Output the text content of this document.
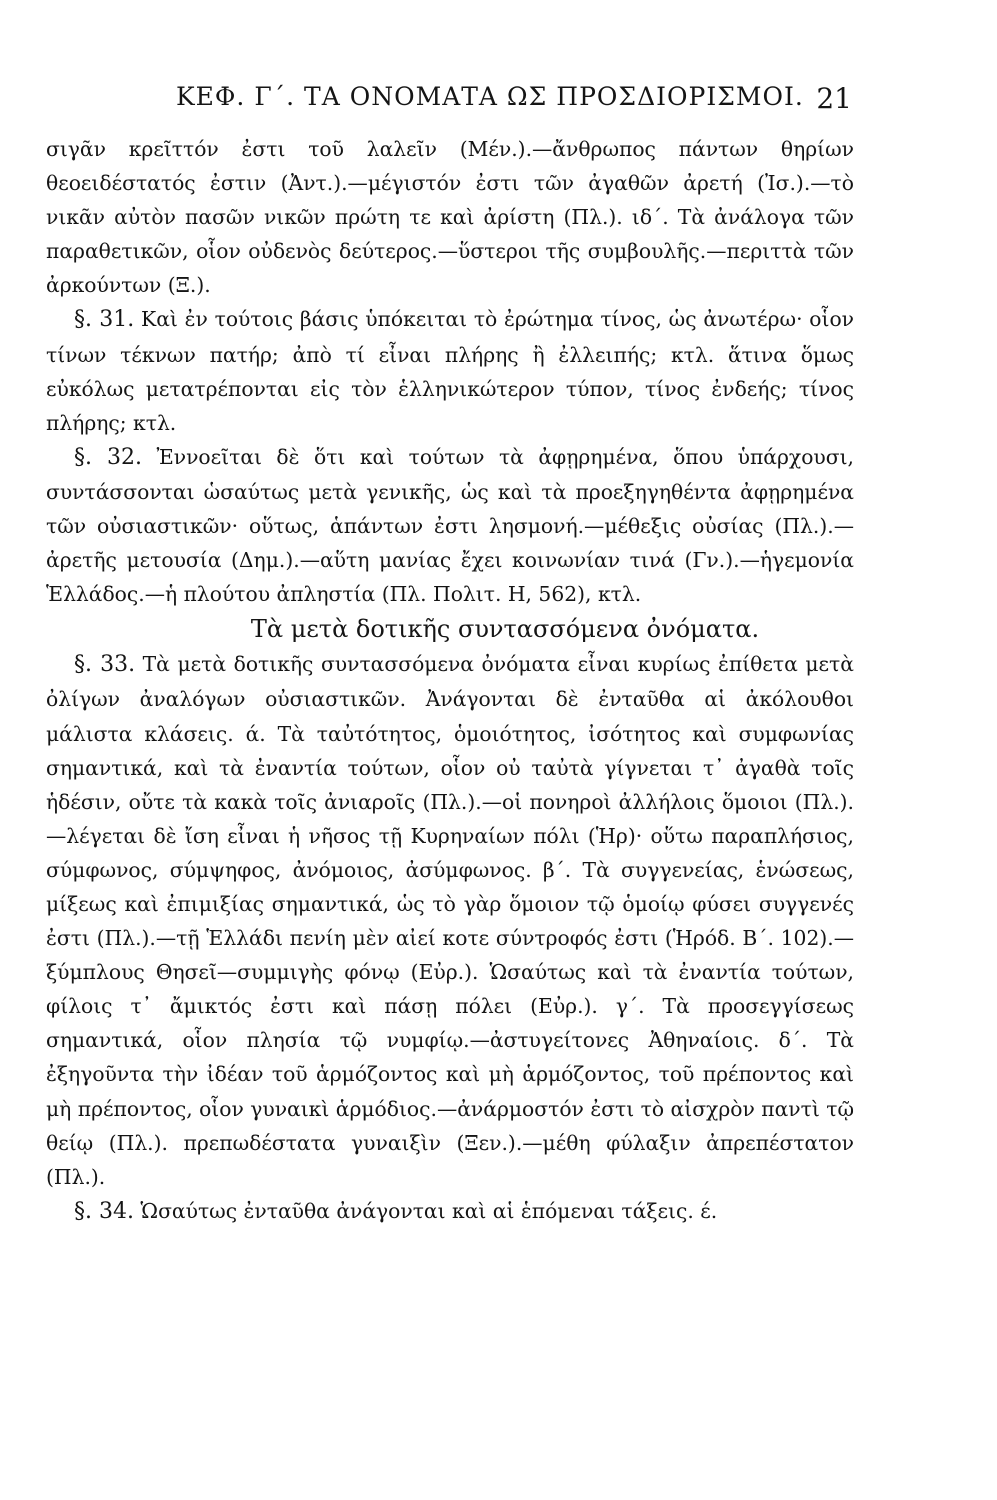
ΚΕΦ. Γ΄. ΤΑ ΟΝΟΜΑΤΑ ΩΣ ΠΡΟΣΔΙΟΡΙΣΜΟΙ. 21

σιγᾶν κρεῖττόν ἐστι τοῦ λαλεῖν (Μέν.).—ἄνθρωπος πάντων θηρίων θεοειδέστατός ἐστιν (Ἀντ.).—μέγιστόν ἐστι τῶν ἀγαθῶν ἀρετή (Ἰσ.).—τὸ νικᾶν αὐτὸν πασῶν νικῶν πρώτη τε καὶ ἀρίστη (Πλ.). ιδ΄. Τὰ ἀνάλογα τῶν παραθετικῶν, οἷον οὐδενὸς δεύτερος.—ὕστεροι τῆς συμβουλῆς.—περιττὰ τῶν ἀρκούντων (Ξ.).

§. 31. Καὶ ἐν τούτοις βάσις ὑπόκειται τὸ ἐρώτημα τίνος, ὡς ἀνωτέρω· οἷον τίνων τέκνων πατήρ; ἀπὸ τί εἶναι πλήρης ἢ ἐλλειπής; κτλ. ἅτινα ὅμως εὐκόλως μετατρέπονται εἰς τὸν ἑλληνικώτερον τύπον, τίνος ἐνδεής; τίνος πλήρης; κτλ.

§. 32. Ἐννοεῖται δὲ ὅτι καὶ τούτων τὰ ἀφῃρημένα, ὅπου ὑπάρχουσι, συντάσσονται ὡσαύτως μετὰ γενικῆς, ὡς καὶ τὰ προεξηγηθέντα ἀφῃρημένα τῶν οὐσιαστικῶν· οὕτως, ἁπάντων ἐστι λησμονή.—μέθεξις οὐσίας (Πλ.).—ἀρετῆς μετουσία (Δημ.).—αὕτη μανίας ἔχει κοινωνίαν τινά (Γν.).—ἡγεμονία Ἑλλάδος.—ἡ πλούτου ἀπληστία (Πλ. Πολιτ. Η, 562), κτλ.

Τὰ μετὰ δοτικῆς συντασσόμενα ὀνόματα.

§. 33. Τὰ μετὰ δοτικῆς συντασσόμενα ὀνόματα εἶναι κυρίως ἐπίθετα μετὰ ὀλίγων ἀναλόγων οὐσιαστικῶν. Ἀνάγονται δὲ ἐνταῦθα αἱ ἀκόλουθοι μάλιστα κλάσεις. ά. Τὰ ταὐτότητος, ὁμοιότητος, ἰσότητος καὶ συμφωνίας σημαντικά, καὶ τὰ ἐναντία τούτων, οἷον οὐ ταὐτὰ γίγνεται τ᾽ ἀγαθὰ τοῖς ἡδέσιν, οὔτε τὰ κακὰ τοῖς ἀνιαροῖς (Πλ.).—οἱ πονηροὶ ἀλλήλοις ὅμοιοι (Πλ.).—λέγεται δὲ ἴση εἶναι ἡ νῆσος τῇ Κυρηναίων πόλι (Ἡρ)· οὕτω παραπλήσιος, σύμφωνος, σύμψηφος, ἀνόμοιος, ἀσύμφωνος. β΄. Τὰ συγγενείας, ἑνώσεως, μίξεως καὶ ἐπιμιξίας σημαντικά, ὡς τὸ γὰρ ὅμοιον τῷ ὁμοίῳ φύσει συγγενές ἐστι (Πλ.).—τῇ Ἑλλάδι πενίη μὲν αἰεί κοτε σύντροφός ἐστι (Ἡρόδ. Β΄. 102).—ξύμπλους Θησεῖ—συμμιγὴς φόνῳ (Εὐρ.). Ὡσαύτως καὶ τὰ ἐναντία τούτων, φίλοις τ᾽ ἄμικτός ἐστι καὶ πάσῃ πόλει (Εὐρ.). γ΄. Τὰ προσεγγίσεως σημαντικά, οἷον πλησία τῷ νυμφίῳ.—ἀστυγείτονες Ἀθηναίοις. δ΄. Τὰ ἐξηγοῦντα τὴν ἰδέαν τοῦ ἁρμόζοντος καὶ μὴ ἁρμόζοντος, τοῦ πρέποντος καὶ μὴ πρέποντος, οἷον γυναικὶ ἁρμόδιος.—ἀνάρμοστόν ἐστι τὸ αἰσχρὸν παντὶ τῷ θείῳ (Πλ.). πρεπωδέστατα γυναιξὶν (Ξεν.).—μέθη φύλαξιν ἀπρεπέστατον (Πλ.).

§. 34. Ὡσαύτως ἐνταῦθα ἀνάγονται καὶ αἱ ἑπόμεναι τάξεις. έ.
